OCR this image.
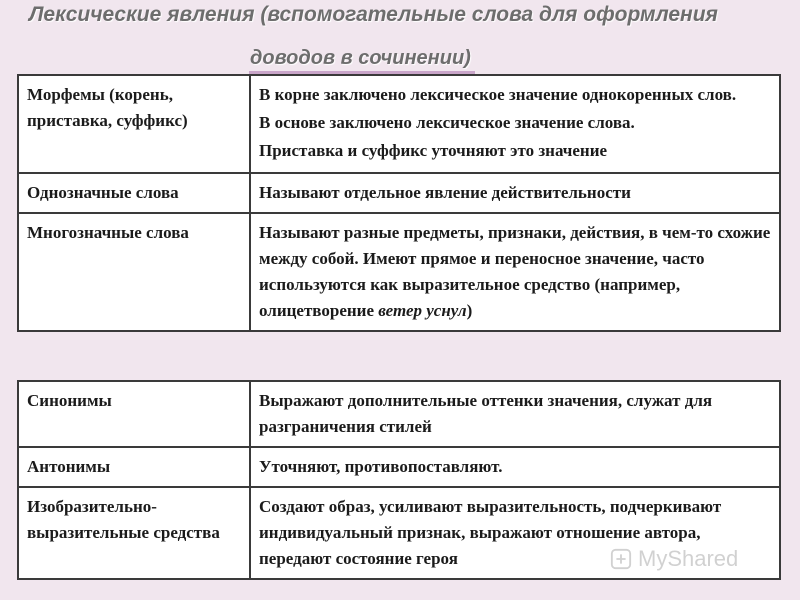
Лексические явления (вспомогательные слова для оформления
доводов в сочинении)
Морфемы (корень, приставка, суффикс)	В корне заключено лексическое значение однокоренных слов.
В основе заключено лексическое значение слова.
Приставка и суффикс уточняют это значение

Однозначные слова	Называют отдельное явление действительности
Многозначные слова	Называют разные предметы, признаки, действия, в чем-то схожие между собой. Имеют прямое и переносное значение, часто используются как выразительное средство (например, олицетворение ветер уснул)
Синонимы	Выражают дополнительные оттенки значения, служат для разграничения стилей
Антонимы	Уточняют, противопоставляют.
Изобразительно-выразительные средства	Создают образ, усиливают выразительность, подчеркивают индивидуальный признак, выражают отношение автора, передают состояние героя	MyShared
